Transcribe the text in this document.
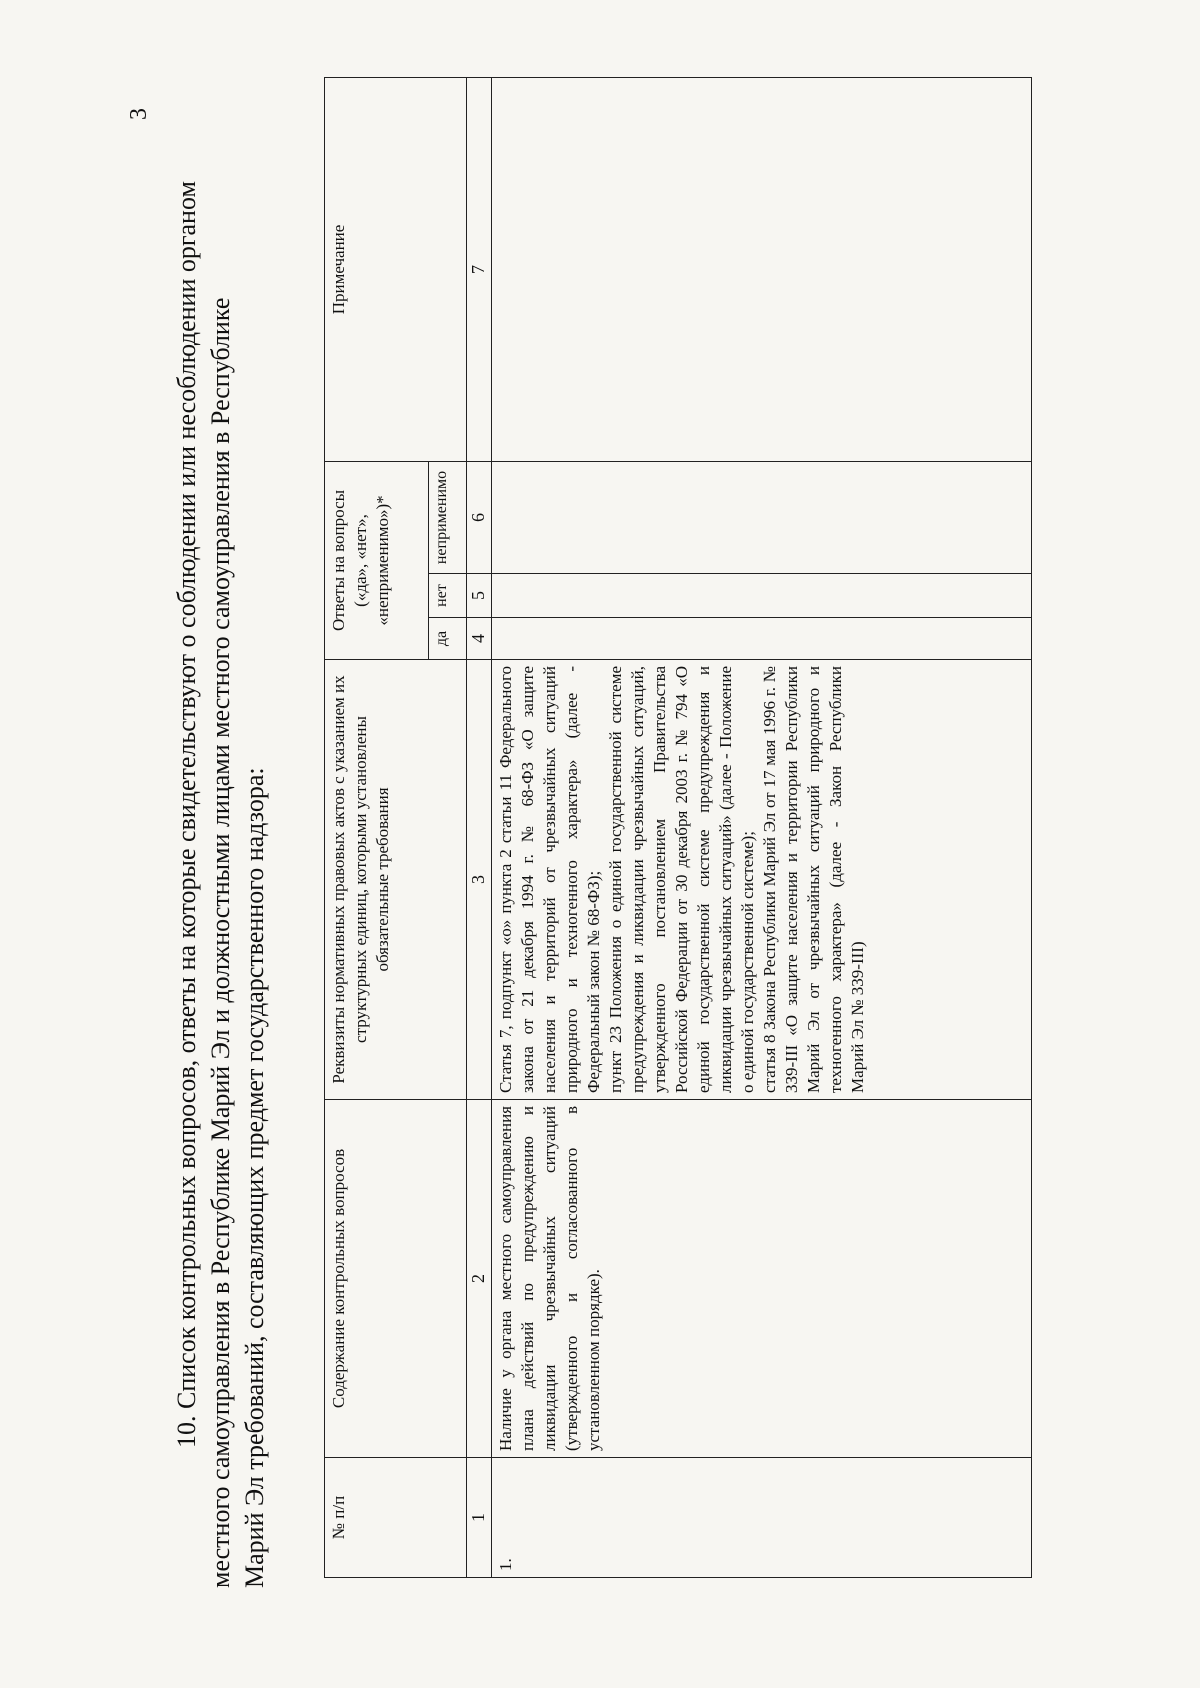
3
10. Список контрольных вопросов, ответы на которые свидетельствуют о соблюдении или несоблюдении органом местного самоуправления в Республике Марий Эл и должностными лицами местного самоуправления в Республике Марий Эл требований, составляющих предмет государственного надзора:	№ п/п	Содержание контрольных вопросов	Реквизиты нормативных правовых актов с указанием их структурных единиц, которыми установлены обязательные требования	Ответы на вопросы («да», «нет», «неприменимо»)*			Примечание
			да	нет	неприменимо	
1	2	3	4	5	6	7
1.	Наличие у органа местного самоуправления плана действий по предупреждению и ликвидации чрезвычайных ситуаций (утвержденного и согласованного в установленном порядке).	Статья 7, подпункт «о» пункта 2 статьи 11 Федерального закона от 21 декабря 1994 г. № 68-ФЗ «О защите населения и территорий от чрезвычайных ситуаций природного и техногенного характера» (далее - Федеральный закон № 68-ФЗ); пункт 23 Положения о единой государственной системе предупреждения и ликвидации чрезвычайных ситуаций, утвержденного постановлением Правительства Российской Федерации от 30 декабря 2003 г. № 794 «О единой государственной системе предупреждения и ликвидации чрезвычайных ситуаций» (далее - Положение о единой государственной системе); статья 8 Закона Республики Марий Эл от 17 мая 1996 г. № 339-III «О защите населения и территории Республики Марий Эл от чрезвычайных ситуаций природного и техногенного характера» (далее - Закон Республики Марий Эл № 339-III)				
